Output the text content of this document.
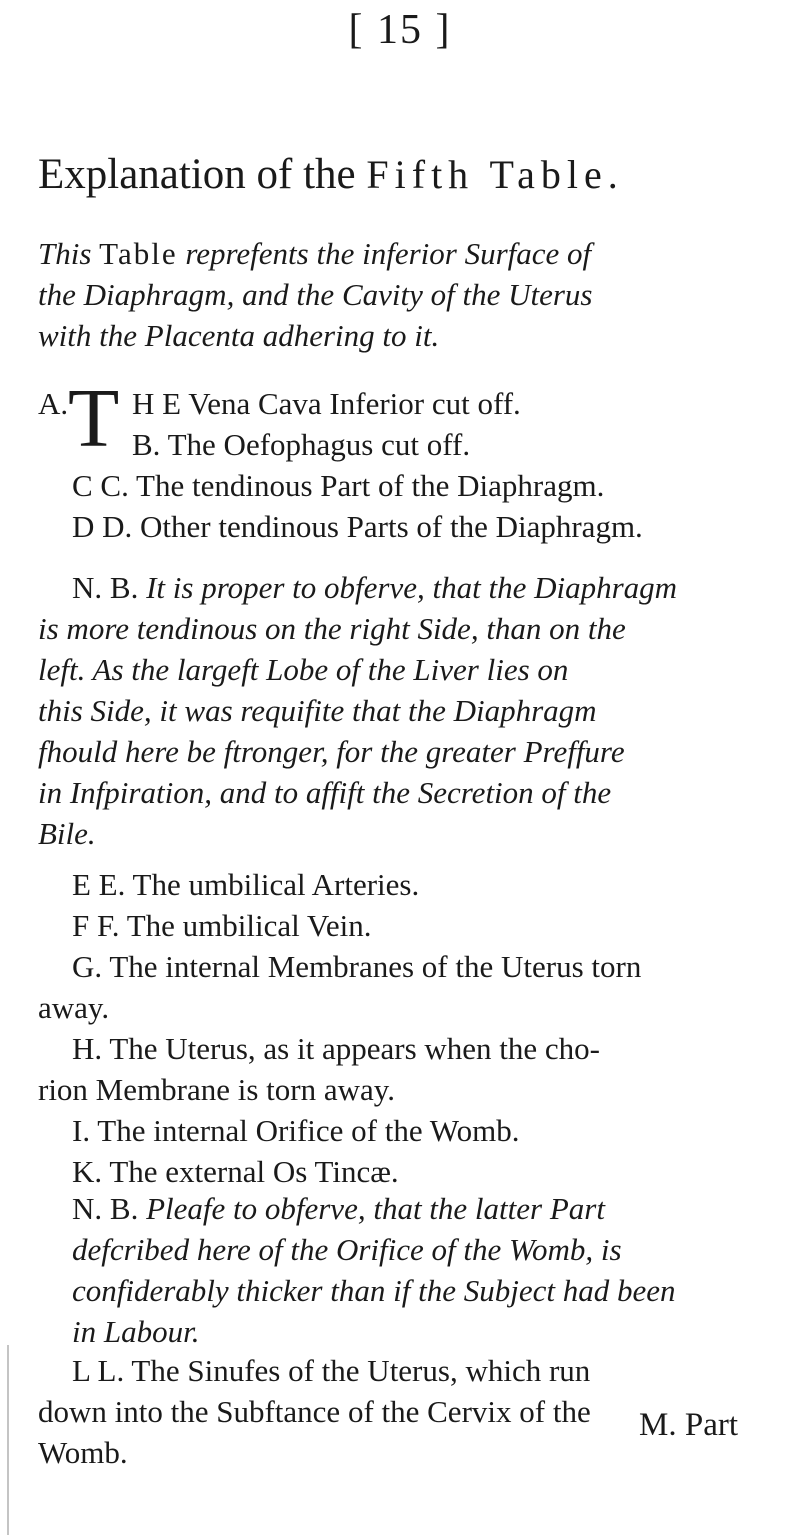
[ 15 ]
Explanation of the Fifth Table.
This Table reprefents the inferior Surface of
the Diaphragm, and the Cavity of the Uterus
with the Placenta adhering to it.
A. T H E Vena Cava Inferior cut off.
B. The Oefophagus cut off.
C C. The tendinous Part of the Diaphragm.
D D. Other tendinous Parts of the Diaphragm.
N. B. It is proper to obferve, that the Diaphragm
is more tendinous on the right Side, than on the
left. As the largeft Lobe of the Liver lies on
this Side, it was requifite that the Diaphragm
fhould here be ftronger, for the greater Preffure
in Infpiration, and to affift the Secretion of the
Bile.
E E. The umbilical Arteries.
F F. The umbilical Vein.
G. The internal Membranes of the Uterus torn
away.
H. The Uterus, as it appears when the cho-
rion Membrane is torn away.
I. The internal Orifice of the Womb.
K. The external Os Tincæ.
N. B. Pleafe to obferve, that the latter Part
defcribed here of the Orifice of the Womb, is
confiderably thicker than if the Subject had been
in Labour.
L L. The Sinufes of the Uterus, which run
down into the Subftance of the Cervix of the
Womb.
M. Part
